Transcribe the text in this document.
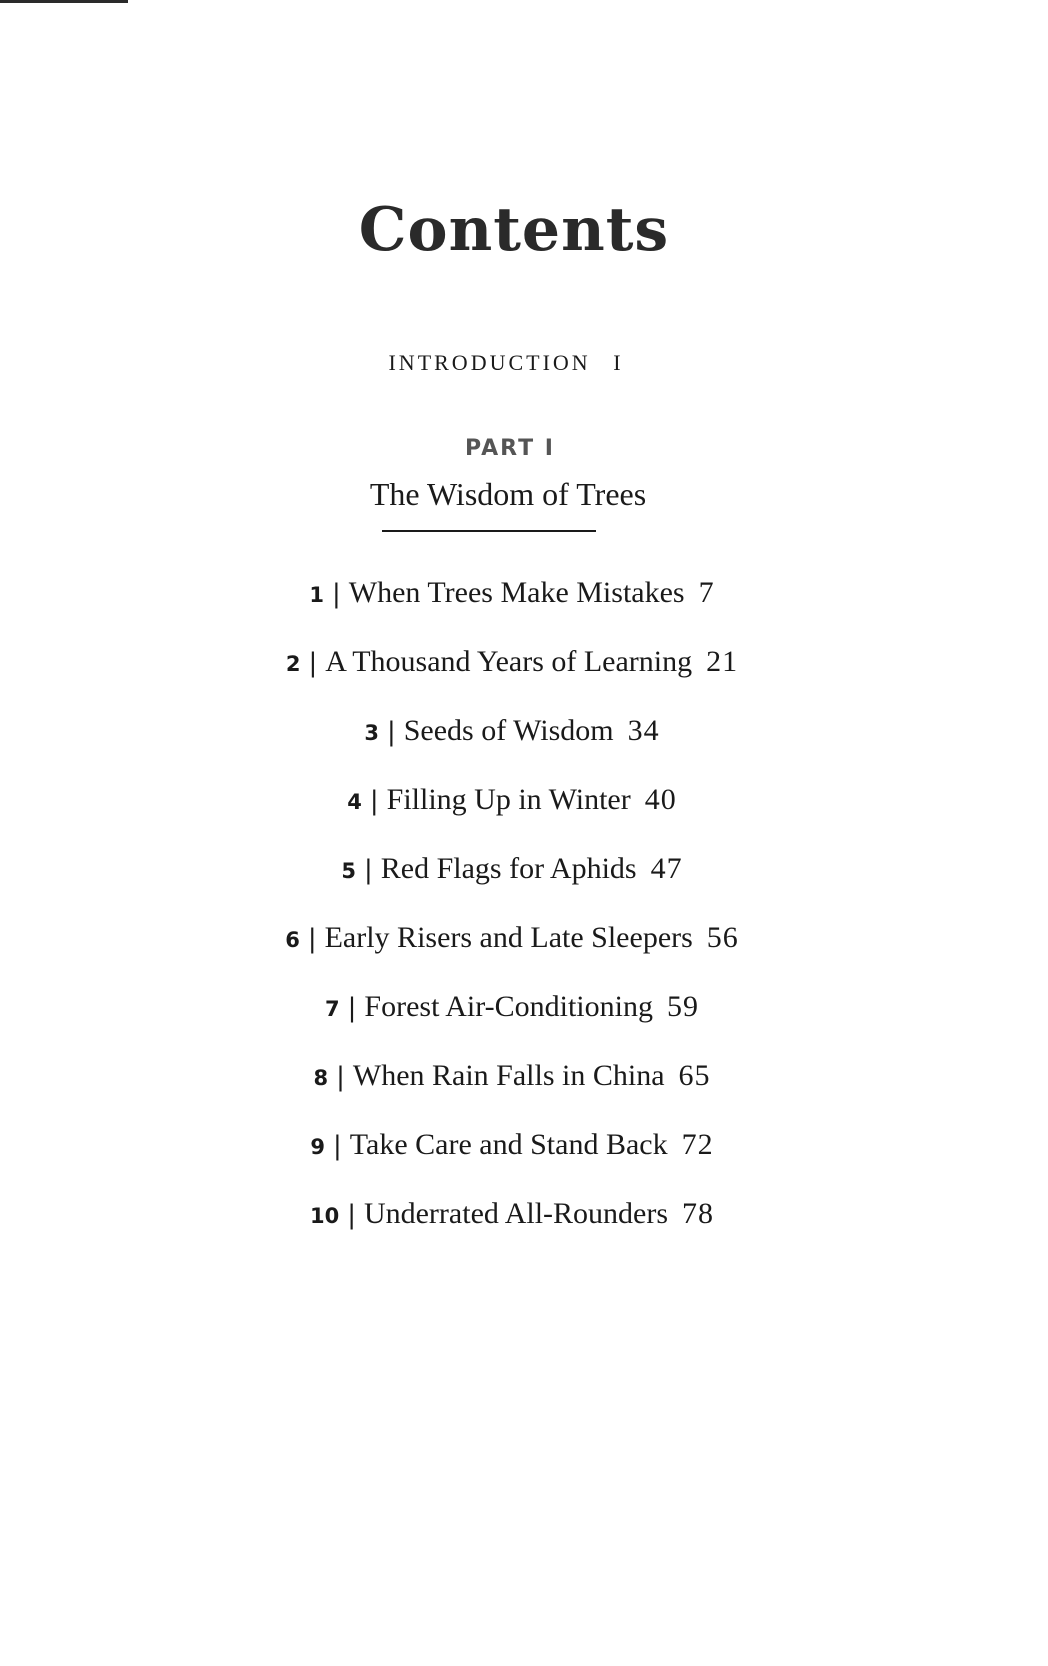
Contents
INTRODUCTION I
PART I
The Wisdom of Trees
1 | When Trees Make Mistakes 7
2 | A Thousand Years of Learning 21
3 | Seeds of Wisdom 34
4 | Filling Up in Winter 40
5 | Red Flags for Aphids 47
6 | Early Risers and Late Sleepers 56
7 | Forest Air-Conditioning 59
8 | When Rain Falls in China 65
9 | Take Care and Stand Back 72
10 | Underrated All-Rounders 78
